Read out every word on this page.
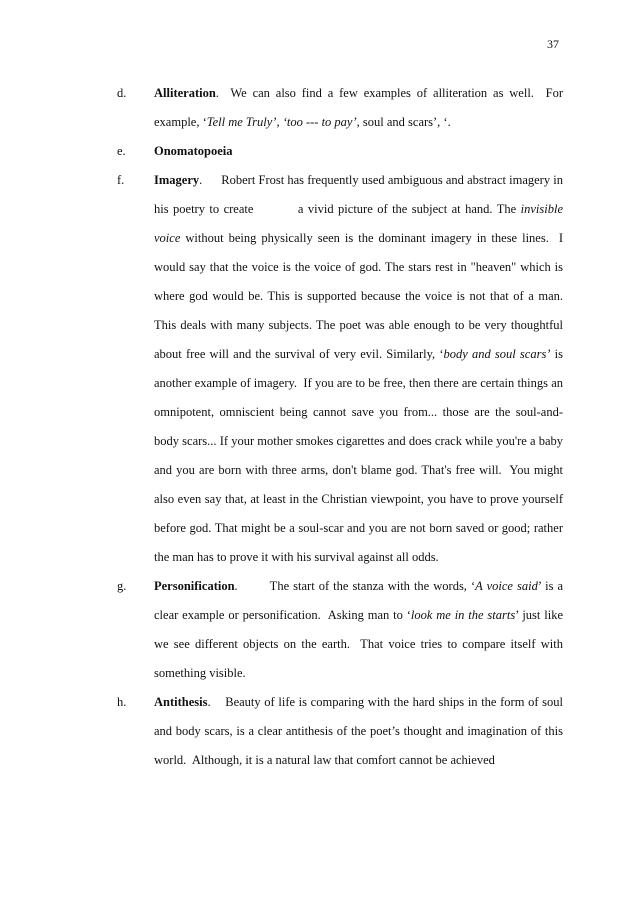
37
d.	Alliteration.  We can also find a few examples of alliteration as well.  For example, ‘Tell me Truly’, ‘too --- to pay’, soul and scars’, ‘.
e.	Onomatopoeia
f.	Imagery.      Robert Frost has frequently used ambiguous and abstract imagery in his poetry to create          a vivid picture of the subject at hand. The invisible voice without being physically seen is the dominant imagery in these lines.  I would say that the voice is the voice of god. The stars rest in "heaven" which is where god would be. This is supported because the voice is not that of a man.  This deals with many subjects. The poet was able enough to be very thoughtful about free will and the survival of very evil. Similarly, ‘body and soul scars’ is another example of imagery.  If you are to be free, then there are certain things an omnipotent, omniscient being cannot save you from... those are the soul-and-body scars... If your mother smokes cigarettes and does crack while you're a baby and you are born with three arms, don't blame god. That's free will.  You might also even say that, at least in the Christian viewpoint, you have to prove yourself before god. That might be a soul-scar and you are not born saved or good; rather the man has to prove it with his survival against all odds.
g.	Personification.        The start of the stanza with the words, ‘A voice said’ is a clear example or personification.  Asking man to ‘look me in the starts’ just like we see different objects on the earth.  That voice tries to compare itself with something visible.
h.	Antithesis.    Beauty of life is comparing with the hard ships in the form of soul and body scars, is a clear antithesis of the poet’s thought and imagination of this world.  Although, it is a natural law that comfort cannot be achieved
